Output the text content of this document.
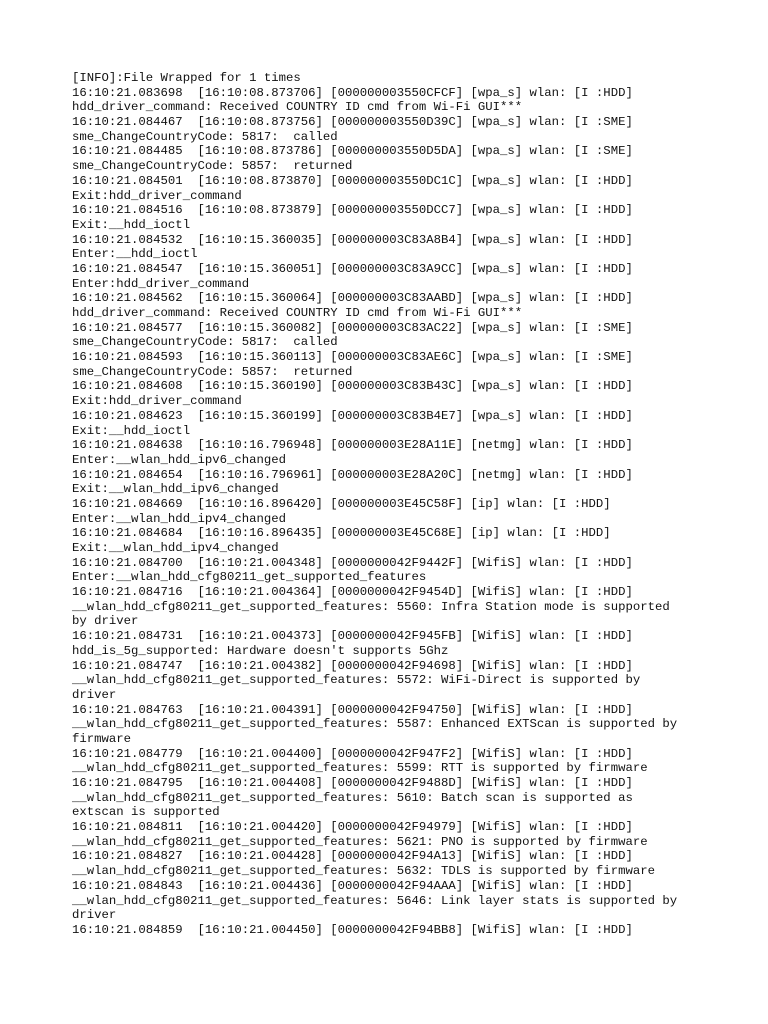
[INFO]:File Wrapped for 1 times
16:10:21.083698  [16:10:08.873706] [000000003550CFCF] [wpa_s] wlan: [I :HDD]
hdd_driver_command: Received COUNTRY ID cmd from Wi-Fi GUI***
16:10:21.084467  [16:10:08.873756] [000000003550D39C] [wpa_s] wlan: [I :SME]
sme_ChangeCountryCode: 5817:  called
16:10:21.084485  [16:10:08.873786] [000000003550D5DA] [wpa_s] wlan: [I :SME]
sme_ChangeCountryCode: 5857:  returned
16:10:21.084501  [16:10:08.873870] [000000003550DC1C] [wpa_s] wlan: [I :HDD]
Exit:hdd_driver_command
16:10:21.084516  [16:10:08.873879] [000000003550DCC7] [wpa_s] wlan: [I :HDD]
Exit:__hdd_ioctl
16:10:21.084532  [16:10:15.360035] [000000003C83A8B4] [wpa_s] wlan: [I :HDD]
Enter:__hdd_ioctl
16:10:21.084547  [16:10:15.360051] [000000003C83A9CC] [wpa_s] wlan: [I :HDD]
Enter:hdd_driver_command
16:10:21.084562  [16:10:15.360064] [000000003C83AABD] [wpa_s] wlan: [I :HDD]
hdd_driver_command: Received COUNTRY ID cmd from Wi-Fi GUI***
16:10:21.084577  [16:10:15.360082] [000000003C83AC22] [wpa_s] wlan: [I :SME]
sme_ChangeCountryCode: 5817:  called
16:10:21.084593  [16:10:15.360113] [000000003C83AE6C] [wpa_s] wlan: [I :SME]
sme_ChangeCountryCode: 5857:  returned
16:10:21.084608  [16:10:15.360190] [000000003C83B43C] [wpa_s] wlan: [I :HDD]
Exit:hdd_driver_command
16:10:21.084623  [16:10:15.360199] [000000003C83B4E7] [wpa_s] wlan: [I :HDD]
Exit:__hdd_ioctl
16:10:21.084638  [16:10:16.796948] [000000003E28A11E] [netmg] wlan: [I :HDD]
Enter:__wlan_hdd_ipv6_changed
16:10:21.084654  [16:10:16.796961] [000000003E28A20C] [netmg] wlan: [I :HDD]
Exit:__wlan_hdd_ipv6_changed
16:10:21.084669  [16:10:16.896420] [000000003E45C58F] [ip] wlan: [I :HDD]
Enter:__wlan_hdd_ipv4_changed
16:10:21.084684  [16:10:16.896435] [000000003E45C68E] [ip] wlan: [I :HDD]
Exit:__wlan_hdd_ipv4_changed
16:10:21.084700  [16:10:21.004348] [0000000042F9442F] [WifiS] wlan: [I :HDD]
Enter:__wlan_hdd_cfg80211_get_supported_features
16:10:21.084716  [16:10:21.004364] [0000000042F9454D] [WifiS] wlan: [I :HDD]
__wlan_hdd_cfg80211_get_supported_features: 5560: Infra Station mode is supported
by driver
16:10:21.084731  [16:10:21.004373] [0000000042F945FB] [WifiS] wlan: [I :HDD]
hdd_is_5g_supported: Hardware doesn't supports 5Ghz
16:10:21.084747  [16:10:21.004382] [0000000042F94698] [WifiS] wlan: [I :HDD]
__wlan_hdd_cfg80211_get_supported_features: 5572: WiFi-Direct is supported by
driver
16:10:21.084763  [16:10:21.004391] [0000000042F94750] [WifiS] wlan: [I :HDD]
__wlan_hdd_cfg80211_get_supported_features: 5587: Enhanced EXTScan is supported by
firmware
16:10:21.084779  [16:10:21.004400] [0000000042F947F2] [WifiS] wlan: [I :HDD]
__wlan_hdd_cfg80211_get_supported_features: 5599: RTT is supported by firmware
16:10:21.084795  [16:10:21.004408] [0000000042F9488D] [WifiS] wlan: [I :HDD]
__wlan_hdd_cfg80211_get_supported_features: 5610: Batch scan is supported as
extscan is supported
16:10:21.084811  [16:10:21.004420] [0000000042F94979] [WifiS] wlan: [I :HDD]
__wlan_hdd_cfg80211_get_supported_features: 5621: PNO is supported by firmware
16:10:21.084827  [16:10:21.004428] [0000000042F94A13] [WifiS] wlan: [I :HDD]
__wlan_hdd_cfg80211_get_supported_features: 5632: TDLS is supported by firmware
16:10:21.084843  [16:10:21.004436] [0000000042F94AAA] [WifiS] wlan: [I :HDD]
__wlan_hdd_cfg80211_get_supported_features: 5646: Link layer stats is supported by
driver
16:10:21.084859  [16:10:21.004450] [0000000042F94BB8] [WifiS] wlan: [I :HDD]
